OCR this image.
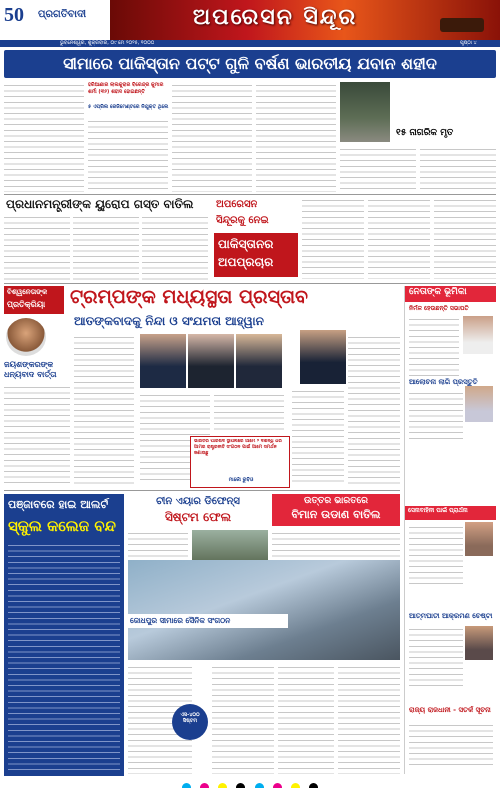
50 ପ୍ରଗତିବାଦୀ	ଅପରେସନ ସିନ୍ଦୂର
ଭୁବନେଶ୍ୱର, ଶୁକ୍ରବାର, ୦୯ ମେ ୨୦୨୫, ୧୦୦୦	ପୃଷ୍ଠା ୪
ସୀମାରେ ପାକିସ୍ତାନ ପଟ୍ଟ ଗୁଳି ବର୍ଷଣ ଭାରତୀୟ ଯବାନ ଶହୀଦ
ହରିଆଣାର ଲାଲକୁରାର ବିରେନ୍ଦ୍ର କୁମାର ଶର୍ମା (୩୨) ଶହୀଦ ହୋଇଛନ୍ତି
୫ ଏପ୍ରିଲ ରେଜିମେଣ୍ଟରେ ନିଯୁକ୍ତ ଥିଲେ
୧୫ ନାଗରିକ ମୃତ
ପ୍ରଧାନମନ୍ତ୍ରୀଙ୍କ ୟୁରୋପ ଗସ୍ତ ବାତିଲ	ଅପରେସନ
ସିନ୍ଦୂରକୁ ନେଇ
ପାକିସ୍ତାନର
ଅପପ୍ରଚାର
ବିଶ୍ୱନେତାଙ୍କ
ପ୍ରତିକ୍ରିୟା ଟ୍ରମ୍ପଙ୍କ ମଧ୍ୟସ୍ଥତା ପ୍ରସ୍ତାବ
ଆତଙ୍କବାଦକୁ ନିନ୍ଦା ଓ ସଂଯମତା ଆହ୍ୱାନ
ଜୟଶଙ୍କରଙ୍କ ଧନ୍ୟବାଦ ବାର୍ତ୍ତା
ଭାରତର ପାରିଷଦ ସ୍ଥାପନାରେ ଆମେ ୨ ଦଶନ୍ଧି ଧରି ଆମର ରାଷ୍ଟ୍ରନୀତି ସଂଗଠନ ପାଇଁ ଆମେ ସମର୍ଥନ ଜଣାଉଛୁ
ମାର୍କୋ ରୁବିଓ
ନେତାଙ୍କ ଭୂମିକା
ନିର୍ମଳ ହେଉଛନ୍ତି ସଭାପତି
ଆଲୋଚନା ଲାଗି ପ୍ରସ୍ତୁତି
ସେନାବାହିନୀ ପାଇଁ ପ୍ରାର୍ଥନା
ଆତ୍ମଘାତୀ ଆକ୍ରମଣ ଚେଷ୍ଟା
ରାଜ୍ୟ ରାଜଧାନୀ - ସତର୍କ ସୂଚନା
ପଞ୍ଜାବରେ ହାଇ ଆଲର୍ଟ
ସ୍କୁଲ କଲେଜ ବନ୍ଦ
ଚୀନ ଏୟାର ଡିଫେନ୍ସ
ସିଷ୍ଟମ ଫେଲ
ଉତ୍ତର ଭାରତରେ
ବିମାନ ଉଡାଣ ବାତିଲ
ଜୋଧପୁର ସୀମାରେ ସୈନିକ ସଂଗଠନ
ଏସ-୪୦୦ ସିଷ୍ଟମ
